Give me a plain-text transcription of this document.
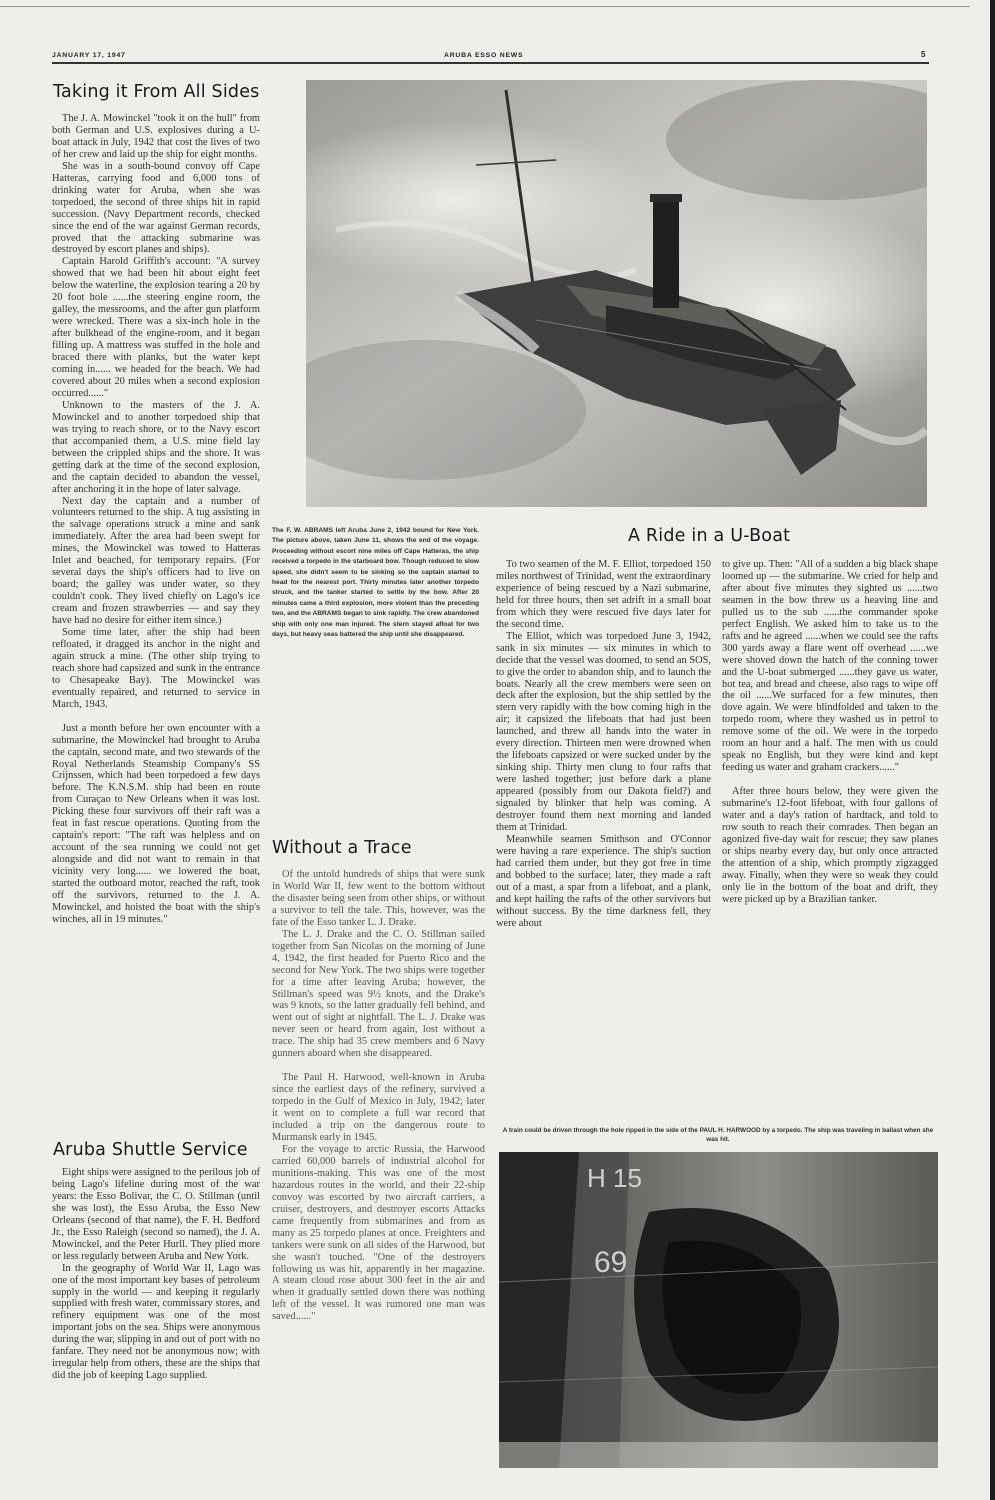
JANUARY 17, 1947	ARUBA ESSO NEWS	5
Taking it From All Sides

The J. A. Mowinckel "took it on the hull" from both German and U.S. explosives during a U-boat attack in July, 1942 that cost the lives of two of her crew and laid up the ship for eight months.

She was in a south-bound convoy off Cape Hatteras, carrying food and 6,000 tons of drinking water for Aruba, when she was torpedoed, the second of three ships hit in rapid succession. (Navy Department records, checked since the end of the war against German records, proved that the attacking submarine was destroyed by escort planes and ships).

Captain Harold Griffith's account: "A survey showed that we had been hit about eight feet below the waterline, the explosion tearing a 20 by 20 foot hole ......the steering engine room, the galley, the messrooms, and the after gun platform were wrecked. There was a six-inch hole in the after bulkhead of the engine-room, and it began filling up. A mattress was stuffed in the hole and braced there with planks, but the water kept coming in...... we headed for the beach. We had covered about 20 miles when a second explosion occurred......"

Unknown to the masters of the J. A. Mowinckel and to another torpedoed ship that was trying to reach shore, or to the Navy escort that accompanied them, a U.S. mine field lay between the crippled ships and the shore. It was getting dark at the time of the second explosion, and the captain decided to abandon the vessel, after anchoring it in the hope of later salvage.

Next day the captain and a number of volunteers returned to the ship. A tug assisting in the salvage operations struck a mine and sank immediately. After the area had been swept for mines, the Mowinckel was towed to Hatteras Inlet and beached, for temporary repairs. (For several days the ship's officers had to live on board; the galley was under water, so they couldn't cook. They lived chiefly on Lago's ice cream and frozen strawberries — and say they have had no desire for either item since.)

Some time later, after the ship had been refloated, it dragged its anchor in the night and again struck a mine. (The other ship trying to reach shore had capsized and sunk in the entrance to Chesapeake Bay). The Mowinckel was eventually repaired, and returned to service in March, 1943.

Just a month before her own encounter with a submarine, the Mowinckel had brought to Aruba the captain, second mate, and two stewards of the Royal Netherlands Steamship Company's SS Crijnssen, which had been torpedoed a few days before. The K.N.S.M. ship had been en route from Curaçao to New Orleans when it was lost. Picking these four survivors off their raft was a feat in fast rescue operations. Quoting from the captain's report: "The raft was helpless and on account of the sea running we could not get alongside and did not want to remain in that vicinity very long...... we lowered the boat, started the outboard motor, reached the raft, took off the survivors, returned to the J. A. Mowinckel, and hoisted the boat with the ship's winches, all in 19 minutes."

Aruba Shuttle Service

Eight ships were assigned to the perilous job of being Lago's lifeline during most of the war years: the Esso Bolivar, the C. O. Stillman (until she was lost), the Esso Aruba, the Esso New Orleans (second of that name), the F. H. Bedford Jr., the Esso Raleigh (second so named), the J. A. Mowinckel, and the Peter Hurll. They plied more or less regularly between Aruba and New York.

In the geography of World War II, Lago was one of the most important key bases of petroleum supply in the world — and keeping it regularly supplied with fresh water, commissary stores, and refinery equipment was one of the most important jobs on the sea. Ships were anonymous during the war, slipping in and out of port with no fanfare. They need not be anonymous now; with irregular help from others, these are the ships that did the job of keeping Lago supplied.

The F. W. ABRAMS left Aruba June 2, 1942 bound for New York. The picture above, taken June 11, shows the end of the voyage. Proceeding without escort nine miles off Cape Hatteras, the ship received a torpedo in the starboard bow. Though reduced to slow speed, she didn't seem to be sinking so the captain started to head for the nearest port. Thirty minutes later another torpedo struck, and the tanker started to settle by the bow. After 20 minutes came a third explosion, more violent than the preceding two, and the ABRAMS began to sink rapidly. The crew abandoned ship with only one man injured. The stern stayed afloat for two days, but heavy seas battered the ship until she disappeared.
Without a Trace

Of the untold hundreds of ships that were sunk in World War II, few went to the bottom without the disaster being seen from other ships, or without a survivor to tell the tale. This, however, was the fate of the Esso tanker L. J. Drake.

The L. J. Drake and the C. O. Stillman sailed together from San Nicolas on the morning of June 4, 1942, the first headed for Puerto Rico and the second for New York. The two ships were together for a time after leaving Aruba; however, the Stillman's speed was 9½ knots, and the Drake's was 9 knots, so the latter gradually fell behind, and went out of sight at nightfall. The L. J. Drake was never seen or heard from again, lost without a trace. The ship had 35 crew members and 6 Navy gunners aboard when she disappeared.

The Paul H. Harwood, well-known in Aruba since the earliest days of the refinery, survived a torpedo in the Gulf of Mexico in July, 1942; later it went on to complete a full war record that included a trip on the dangerous route to Murmansk early in 1945.

For the voyage to arctic Russia, the Harwood carried 60,000 barrels of industrial alcohol for munitions-making. This was one of the most hazardous routes in the world, and their 22-ship convoy was escorted by two aircraft carriers, a cruiser, destroyers, and destroyer escorts Attacks came frequently from submarines and from as many as 25 torpedo planes at once. Freighters and tankers were sunk on all sides of the Harwood, but she wasn't touched. "One of the destroyers following us was hit, apparently in her magazine. A steam cloud rose about 300 feet in the air and when it gradually settled down there was nothing left of the vessel. It was rumored one man was saved......"

A Ride in a U-Boat

To two seamen of the M. F. Elliot, torpedoed 150 miles northwest of Trinidad, went the extraordinary experience of being rescued by a Nazi submarine, held for three hours, then set adrift in a small boat from which they were rescued five days later for the second time.

The Elliot, which was torpedoed June 3, 1942, sank in six minutes — six minutes in which to decide that the vessel was doomed, to send an SOS, to give the order to abandon ship, and to launch the boats. Nearly all the crew members were seen on deck after the explosion, but the ship settled by the stern very rapidly with the bow coming high in the air; it capsized the lifeboats that had just been launched, and threw all hands into the water in every direction. Thirteen men were drowned when the lifeboats capsized or were sucked under by the sinking ship. Thirty men clung to four rafts that were lashed together; just before dark a plane appeared (possibly from our Dakota field?) and signaled by blinker that help was coming. A destroyer found them next morning and landed them at Trinidad.

Meanwhile seamen Smithson and O'Connor were having a rare experience. The ship's suction had carried them under, but they got free in time and bobbed to the surface; later, they made a raft out of a mast, a spar from a lifeboat, and a plank, and kept hailing the rafts of the other survivors but without success. By the time darkness fell, they were about

to give up. Then: "All of a sudden a big black shape loomed up — the submarine. We cried for help and after about five minutes they sighted us ......two seamen in the bow threw us a heaving line and pulled us to the sub ......the commander spoke perfect English. We asked him to take us to the rafts and he agreed ......when we could see the rafts 300 yards away a flare went off overhead ......we were shoved down the hatch of the conning tower and the U-boat submerged ......they gave us water, hot tea, and bread and cheese, also rags to wipe off the oil ......We surfaced for a few minutes, then dove again. We were blindfolded and taken to the torpedo room, where they washed us in petrol to remove some of the oil. We were in the torpedo room an hour and a half. The men with us could speak no English, but they were kind and kept feeding us water and graham crackers......"

After three hours below, they were given the submarine's 12-foot lifeboat, with four gallons of water and a day's ration of hardtack, and told to row south to reach their comrades. Then began an agonized five-day wait for rescue; they saw planes or ships nearby every day, but only once attracted the attention of a ship, which promptly zigzagged away. Finally, when they were so weak they could only lie in the bottom of the boat and drift, they were picked up by a Brazilian tanker.

A train could be driven through the hole ripped in the side of the PAUL H. HARWOOD by a torpedo. The ship was traveling in ballast when she was hit.
H 15
69
